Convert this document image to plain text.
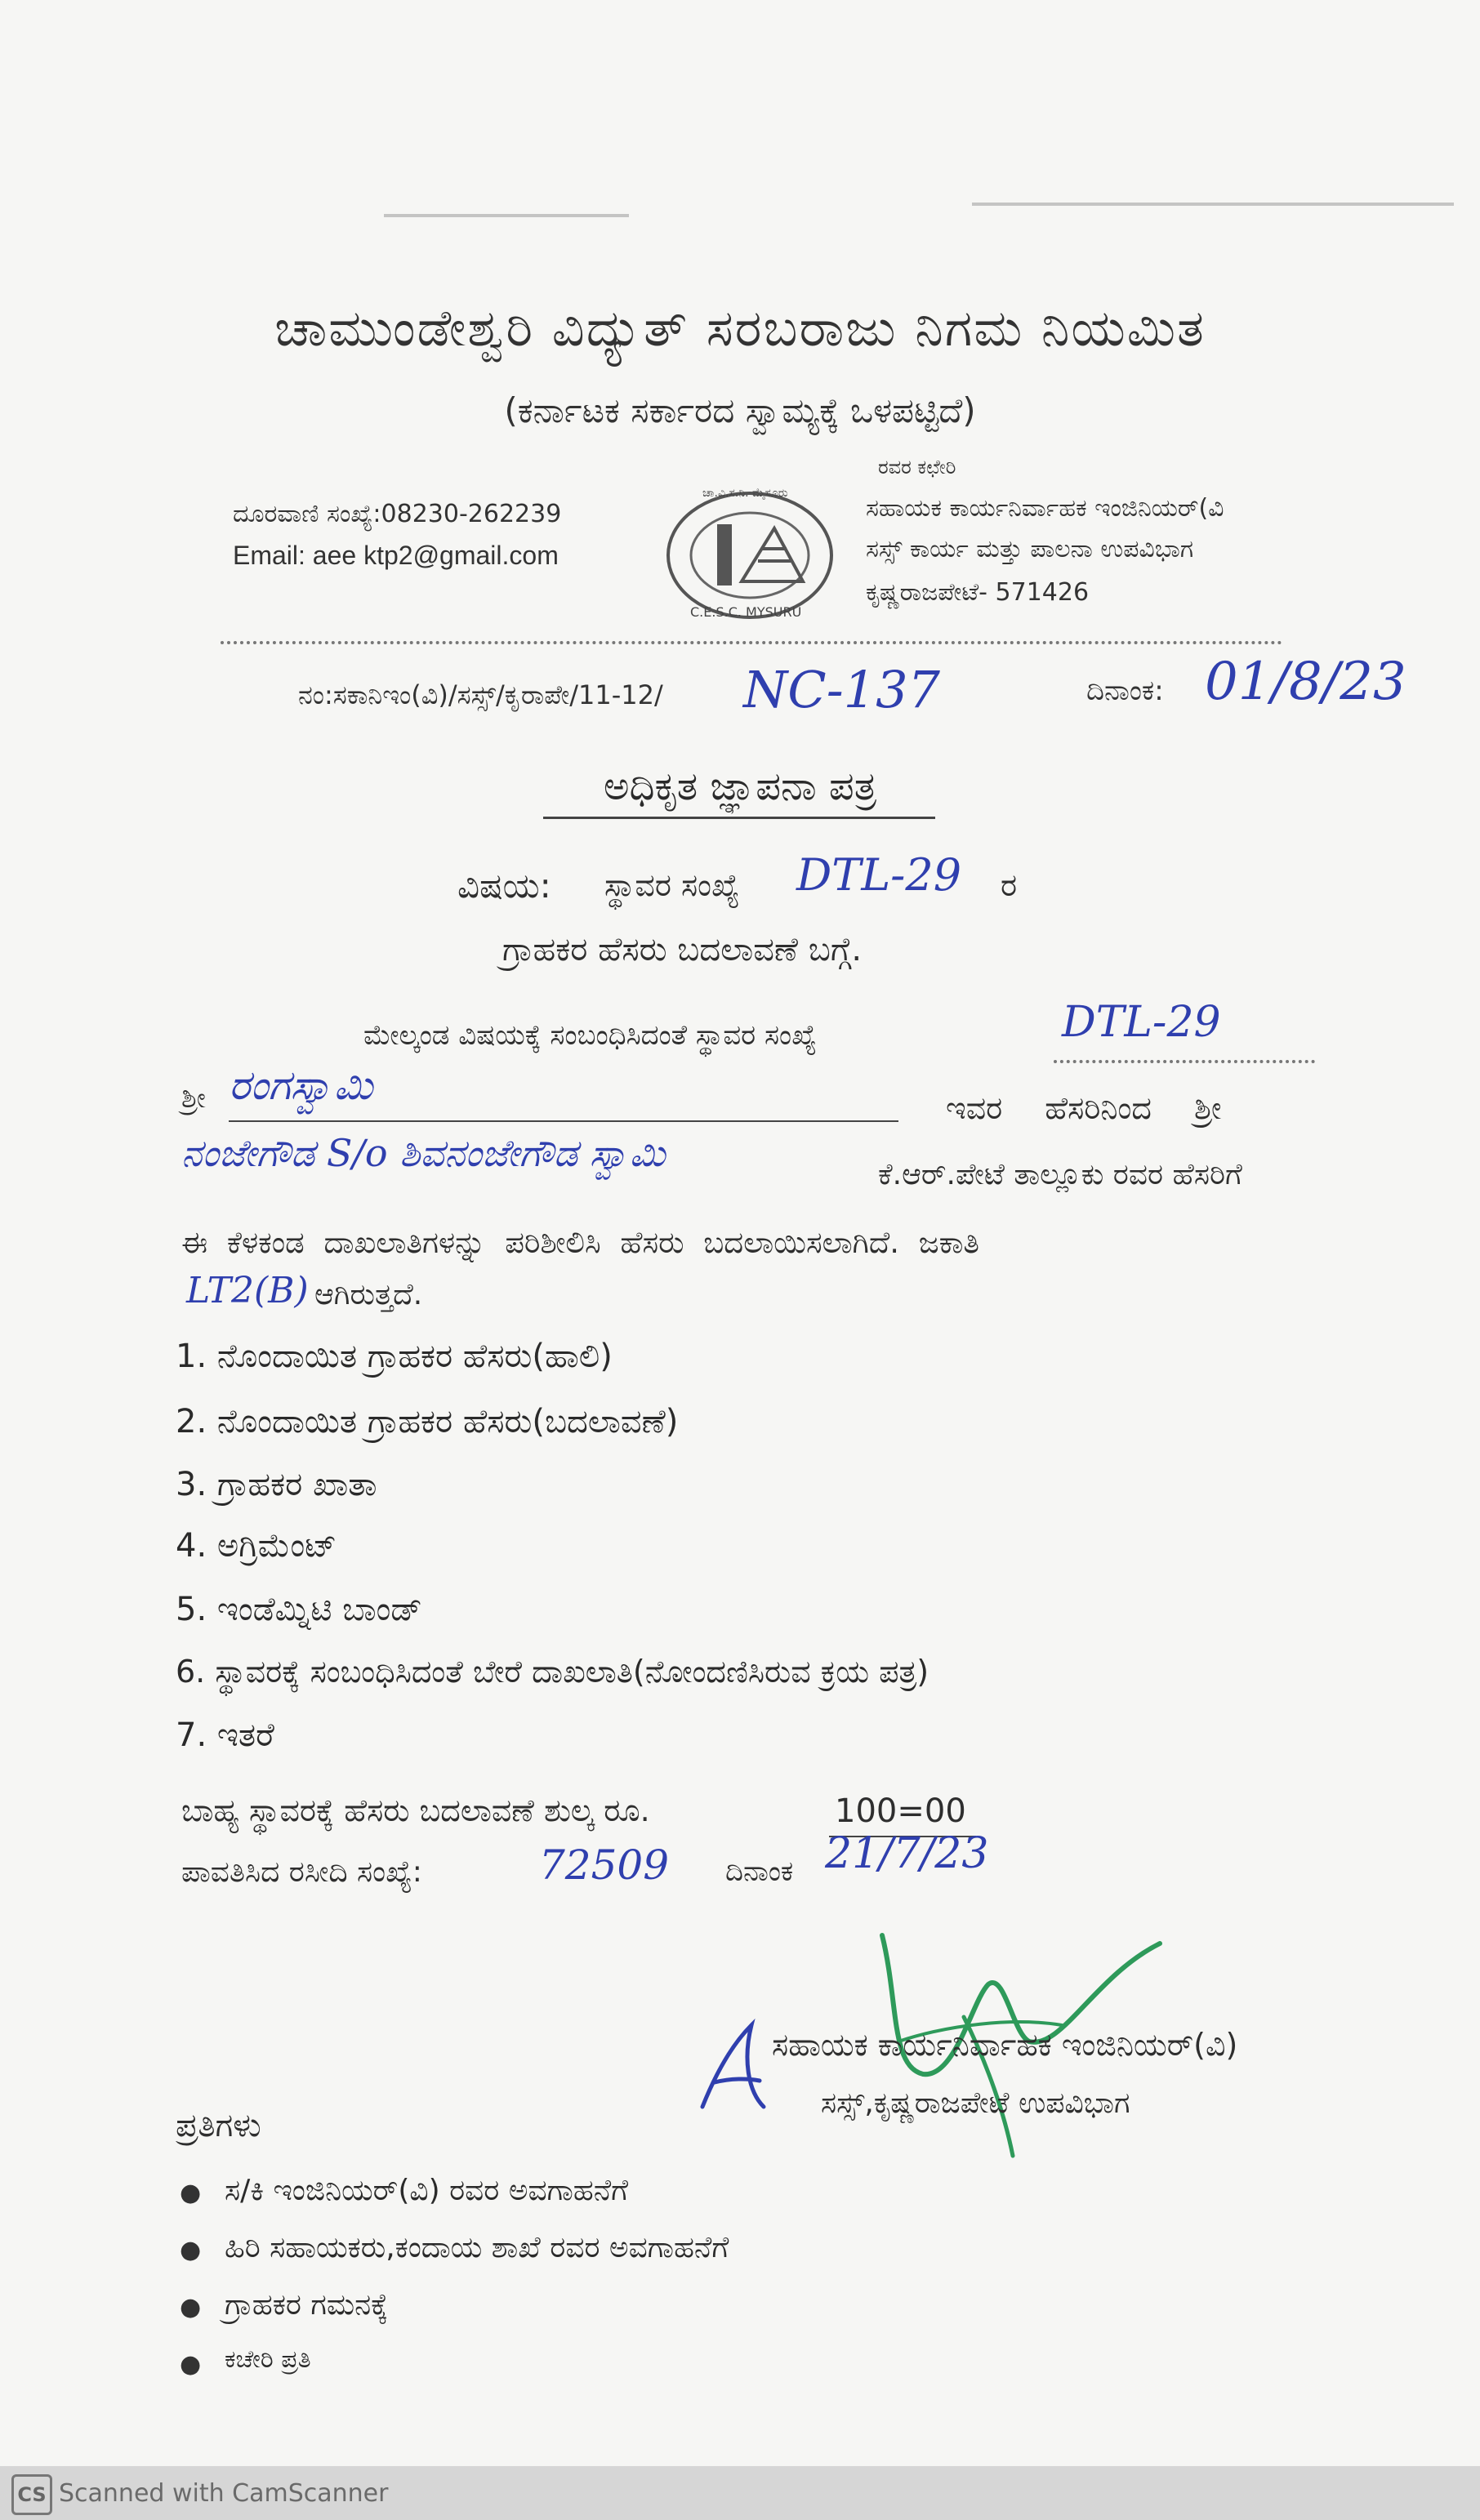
ಚಾಮುಂಡೇಶ್ವರಿ ವಿದ್ಯುತ್ ಸರಬರಾಜು ನಿಗಮ ನಿಯಮಿತ
(ಕರ್ನಾಟಕ ಸರ್ಕಾರದ ಸ್ವಾಮ್ಯಕ್ಕೆ ಒಳಪಟ್ಟಿದೆ)
ದೂರವಾಣಿ ಸಂಖ್ಯೆ:08230-262239
Email: aee ktp2@gmail.com
ಚಾ.ವಿ.ಸ.ನಿ. ಮೈಸೂರು
C.E.S.C. MYSURU
ರವರ ಕಛೇರಿ
ಸಹಾಯಕ ಕಾರ್ಯನಿರ್ವಾಹಕ ಇಂಜಿನಿಯರ್(ವಿ
ಸಸ್ಸ್ ಕಾರ್ಯ ಮತ್ತು ಪಾಲನಾ ಉಪವಿಭಾಗ
ಕೃಷ್ಣರಾಜಪೇಟೆ- 571426
ನಂ:ಸಕಾನಿಇಂ(ವಿ)/ಸಸ್ಸ್/ಕೃರಾಪೇ/11-12/ NC-137	ದಿನಾಂಕ: 01/8/23
ಅಧಿಕೃತ ಜ್ಞಾಪನಾ ಪತ್ರ
ವಿಷಯ: ಸ್ಥಾವರ ಸಂಖ್ಯೆ DTL-29 ರ
ಗ್ರಾಹಕರ ಹೆಸರು ಬದಲಾವಣೆ ಬಗ್ಗೆ.
ಮೇಲ್ಕಂಡ ವಿಷಯಕ್ಕೆ ಸಂಬಂಧಿಸಿದಂತೆ ಸ್ಥಾವರ ಸಂಖ್ಯೆ	DTL-29
ಶ್ರೀ ರಂಗಸ್ವಾಮಿ	ಇವರ ಹೆಸರಿನಿಂದ ಶ್ರೀ
ನಂಜೇಗೌಡ S/o ಶಿವನಂಜೇಗೌಡ ಸ್ವಾಮಿ	ಕೆ.ಆರ್.ಪೇಟೆ ತಾಲ್ಲೂಕು ರವರ ಹೆಸರಿಗೆ
ಈ ಕೆಳಕಂಡ ದಾಖಲಾತಿಗಳನ್ನು ಪರಿಶೀಲಿಸಿ ಹೆಸರು ಬದಲಾಯಿಸಲಾಗಿದೆ. ಜಕಾತಿ
LT2(B) ಆಗಿರುತ್ತದೆ.
1. ನೊಂದಾಯಿತ ಗ್ರಾಹಕರ ಹೆಸರು(ಹಾಲಿ)
2. ನೊಂದಾಯಿತ ಗ್ರಾಹಕರ ಹೆಸರು(ಬದಲಾವಣೆ)
3. ಗ್ರಾಹಕರ ಖಾತಾ
4. ಅಗ್ರಿಮೆಂಟ್
5. ಇಂಡೆಮ್ನಿಟಿ ಬಾಂಡ್
6. ಸ್ಥಾವರಕ್ಕೆ ಸಂಬಂಧಿಸಿದಂತೆ ಬೇರೆ ದಾಖಲಾತಿ(ನೋಂದಣಿಸಿರುವ ಕ್ರಯ ಪತ್ರ)
7. ಇತರೆ
ಬಾಹ್ಯ ಸ್ಥಾವರಕ್ಕೆ ಹೆಸರು ಬದಲಾವಣೆ ಶುಲ್ಕ ರೂ.	100=00
ಪಾವತಿಸಿದ ರಸೀದಿ ಸಂಖ್ಯೆ:	72509 ದಿನಾಂಕ 21/7/23
ಸಹಾಯಕ ಕಾರ್ಯನಿರ್ವಾಹಕ ಇಂಜಿನಿಯರ್(ವಿ)
ಸಸ್ಸ್,ಕೃಷ್ಣರಾಜಪೇಟೆ ಉಪವಿಭಾಗ
ಪ್ರತಿಗಳು
● ಸ/ಕಿ ಇಂಜಿನಿಯರ್(ವಿ) ರವರ ಅವಗಾಹನೆಗೆ
● ಹಿರಿ ಸಹಾಯಕರು,ಕಂದಾಯ ಶಾಖೆ ರವರ ಅವಗಾಹನೆಗೆ
● ಗ್ರಾಹಕರ ಗಮನಕ್ಕೆ
● ಕಚೇರಿ ಪ್ರತಿ
CS Scanned with CamScanner
